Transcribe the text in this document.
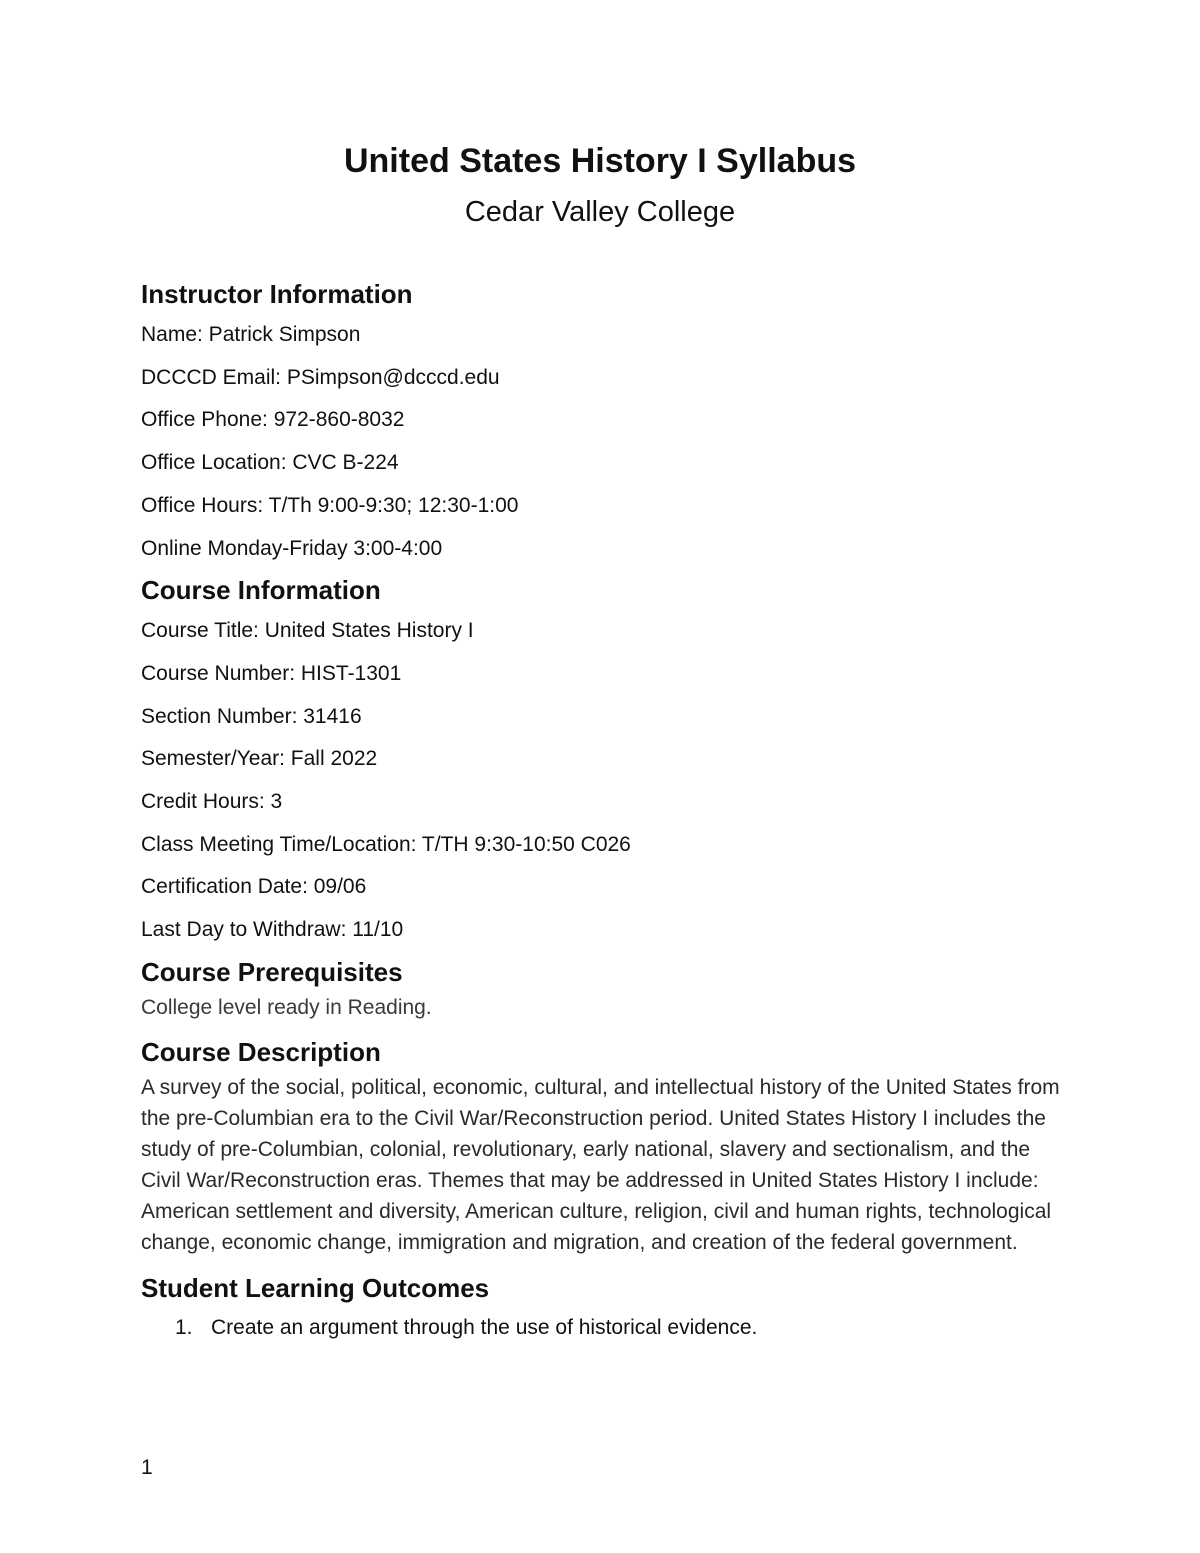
United States History I Syllabus
Cedar Valley College
Instructor Information
Name: Patrick Simpson
DCCCD Email: PSimpson@dcccd.edu
Office Phone: 972-860-8032
Office Location: CVC B-224
Office Hours: T/Th 9:00-9:30; 12:30-1:00
Online Monday-Friday 3:00-4:00
Course Information
Course Title: United States History I
Course Number: HIST-1301
Section Number: 31416
Semester/Year: Fall 2022
Credit Hours: 3
Class Meeting Time/Location: T/TH 9:30-10:50 C026
Certification Date: 09/06
Last Day to Withdraw: 11/10
Course Prerequisites

College level ready in Reading.

Course Description

A survey of the social, political, economic, cultural, and intellectual history of the United States from the pre-Columbian era to the Civil War/Reconstruction period. United States History I includes the study of pre-Columbian, colonial, revolutionary, early national, slavery and sectionalism, and the Civil War/Reconstruction eras. Themes that may be addressed in United States History I include: American settlement and diversity, American culture, religion, civil and human rights, technological change, economic change, immigration and migration, and creation of the federal government.

Student Learning Outcomes
1. Create an argument through the use of historical evidence.
1
